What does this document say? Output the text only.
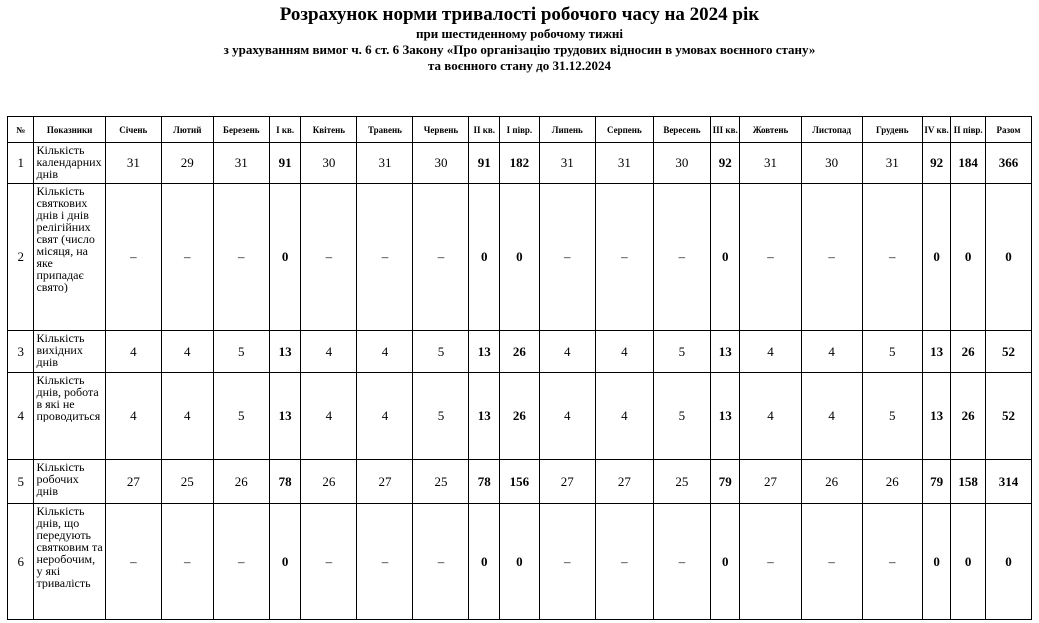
Розрахунок норми тривалості робочого часу на 2024 рік
при шестиденному робочому тижні
з урахуванням вимог ч. 6 ст. 6 Закону «Про організацію трудових відносин в умовах воєнного стану»
та воєнного стану до 31.12.2024
№	Показники	Січень	Лютий	Березень	І кв.	Квітень	Травень	Червень	ІІ кв.	І півр.	Липень	Серпень	Вересень	ІІІ кв.	Жовтень	Листопад	Грудень	IV кв.	ІІ півр.	Разом
1	Кількість календарних днів	31	29	31	91	30	31	30	91	182	31	31	30	92	31	30	31	92	184	366
2	Кількість святкових днів і днів релігійних свят (число місяця, на яке припадає свято)	–	–	–	0	–	–	–	0	0	–	–	–	0	–	–	–	0	0	0
3	Кількість вихідних днів	4	4	5	13	4	4	5	13	26	4	4	5	13	4	4	5	13	26	52
4	Кількість днів, робота в які не проводиться	4	4	5	13	4	4	5	13	26	4	4	5	13	4	4	5	13	26	52
5	Кількість робочих днів	27	25	26	78	26	27	25	78	156	27	27	25	79	27	26	26	79	158	314
6	Кількість днів, що передують святковим та неробочим, у які тривалість	–	–	–	0	–	–	–	0	0	–	–	–	0	–	–	–	0	0	0
